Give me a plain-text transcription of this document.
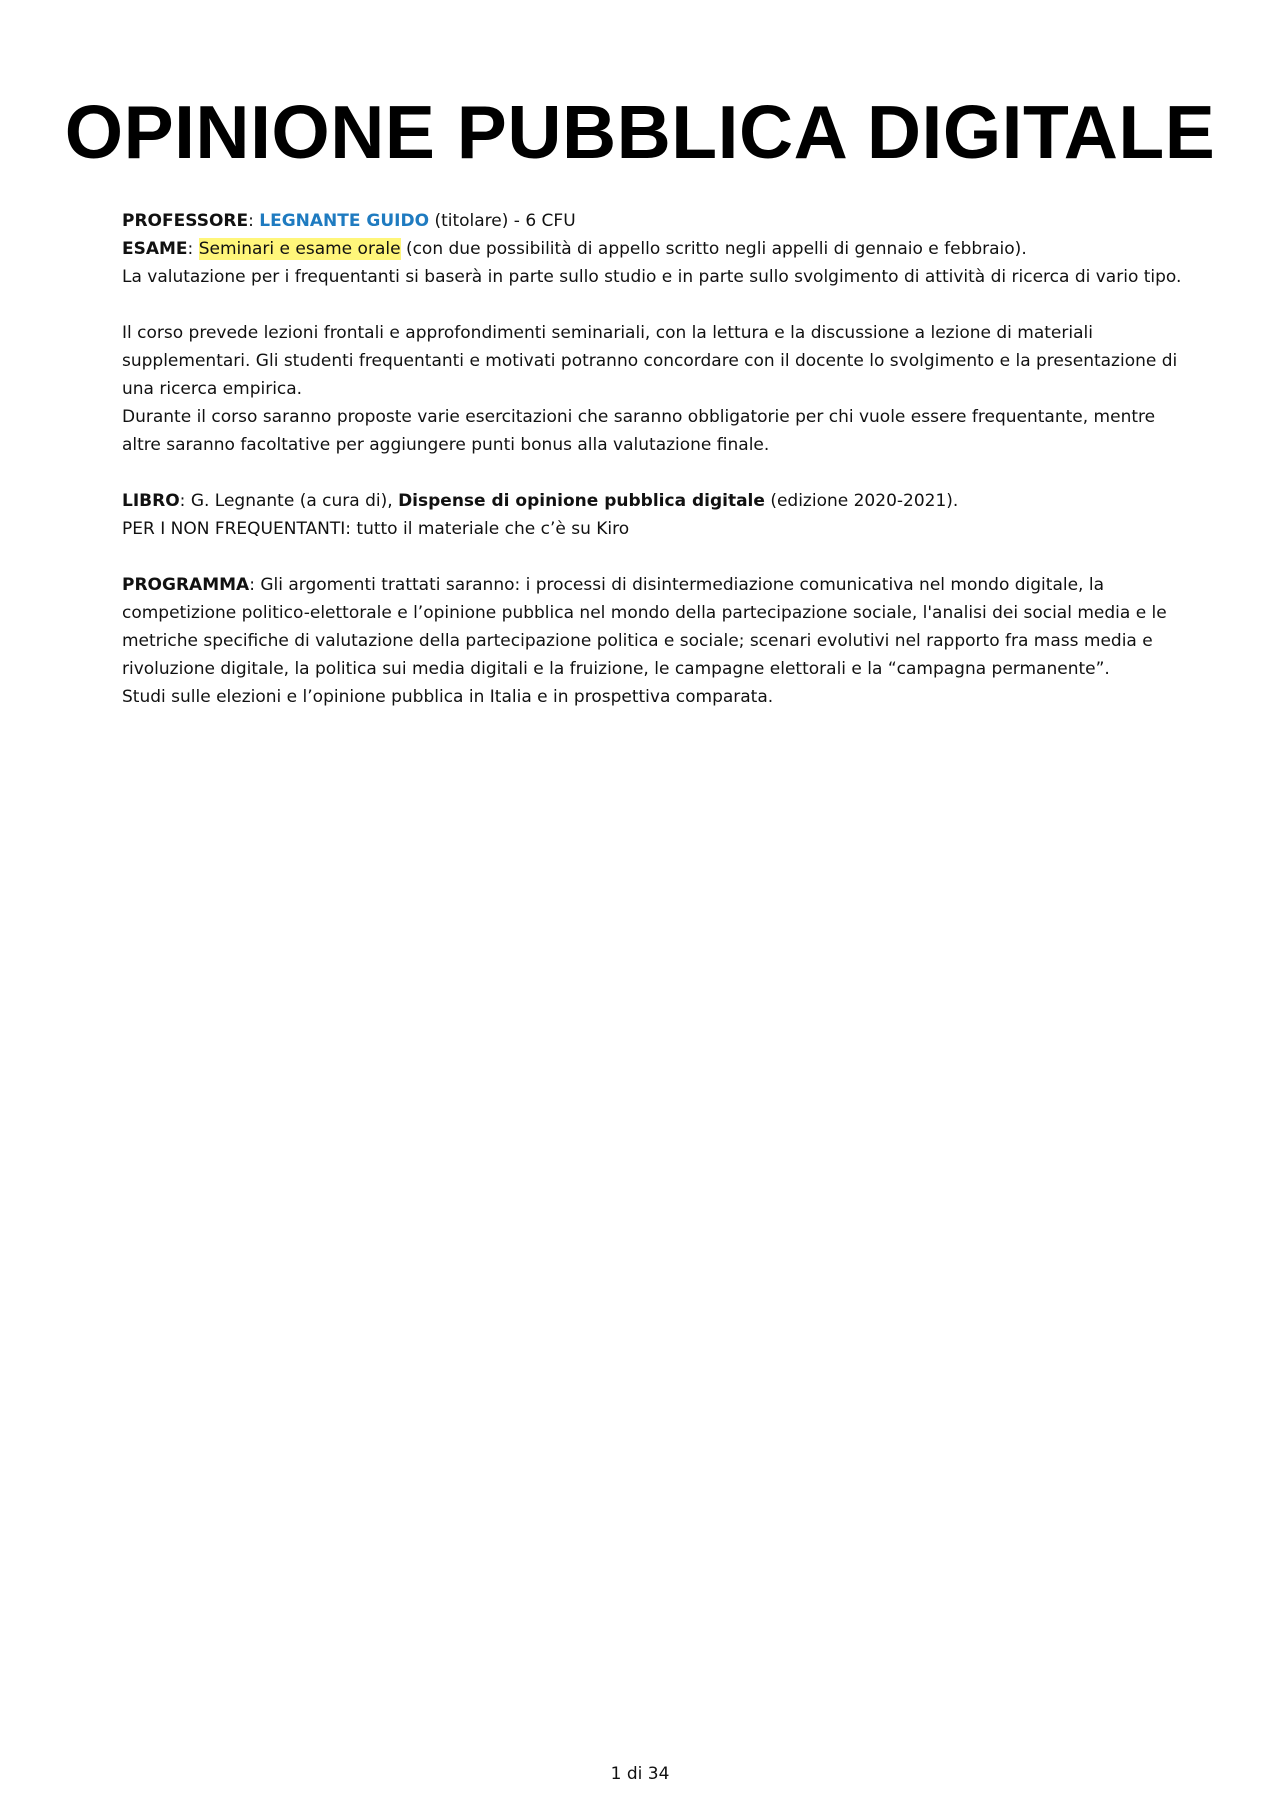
OPINIONE PUBBLICA DIGITALE

PROFESSORE: LEGNANTE GUIDO (titolare) - 6 CFU

ESAME: Seminari e esame orale (con due possibilità di appello scritto negli appelli di gennaio e febbraio).

La valutazione per i frequentanti si baserà in parte sullo studio e in parte sullo svolgimento di attività di ricerca di vario tipo.

Il corso prevede lezioni frontali e approfondimenti seminariali, con la lettura e la discussione a lezione di materiali supplementari. Gli studenti frequentanti e motivati potranno concordare con il docente lo svolgimento e la presentazione di una ricerca empirica.

Durante il corso saranno proposte varie esercitazioni che saranno obbligatorie per chi vuole essere frequentante, mentre altre saranno facoltative per aggiungere punti bonus alla valutazione finale.

LIBRO: G. Legnante (a cura di), Dispense di opinione pubblica digitale (edizione 2020-2021).

PER I NON FREQUENTANTI: tutto il materiale che c’è su Kiro

PROGRAMMA: Gli argomenti trattati saranno: i processi di disintermediazione comunicativa nel mondo digitale, la competizione politico-elettorale e l’opinione pubblica nel mondo della partecipazione sociale, l'analisi dei social media e le metriche specifiche di valutazione della partecipazione politica e sociale; scenari evolutivi nel rapporto fra mass media e rivoluzione digitale, la politica sui media digitali e la fruizione, le campagne elettorali e la “campagna permanente”.

Studi sulle elezioni e l’opinione pubblica in Italia e in prospettiva comparata.

1 di 34
